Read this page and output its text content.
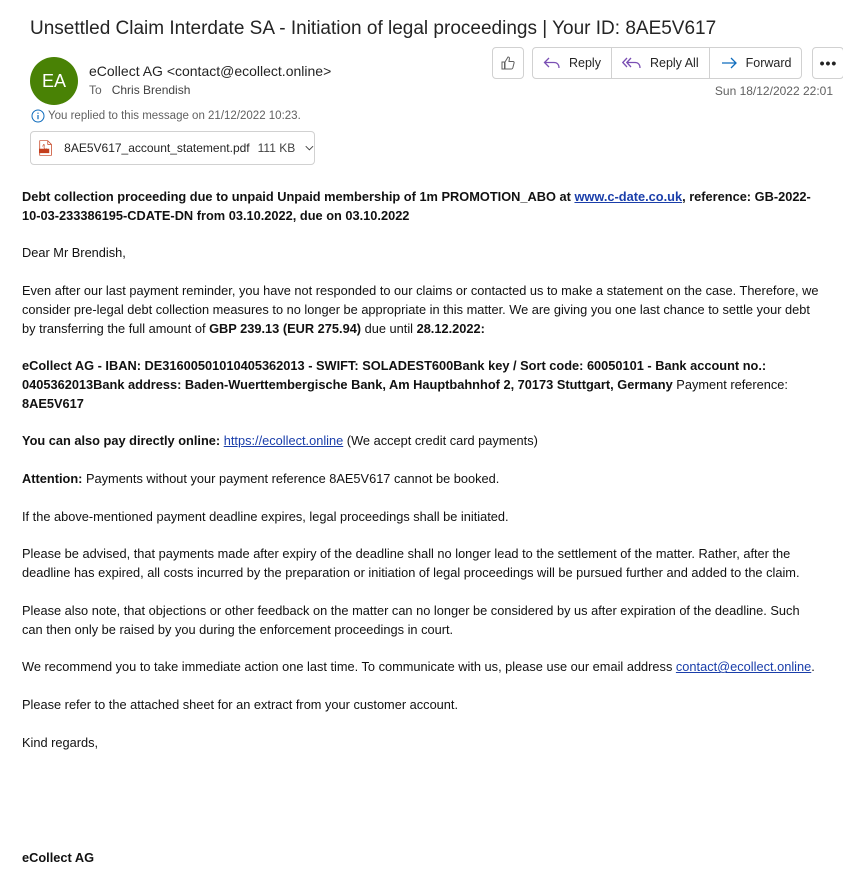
Unsettled Claim Interdate SA - Initiation of legal proceedings | Your ID: 8AE5V617
EA	eCollect AG <contact@ecollect.online>
To Chris Brendish
Reply	Reply All	Forward	•••
Sun 18/12/2022 22:01
You replied to this message on 21/12/2022 10:23.
8AE5V617_account_statement.pdf 111 KB

Debt collection proceeding due to unpaid Unpaid membership of 1m PROMOTION_ABO at www.c-date.co.uk, reference: GB-2022-10-03-233386195-CDATE-DN from 03.10.2022, due on 03.10.2022

Dear Mr Brendish,

Even after our last payment reminder, you have not responded to our claims or contacted us to make a statement on the case. Therefore, we consider pre-legal debt collection measures to no longer be appropriate in this matter. We are giving you one last chance to settle your debt by transferring the full amount of GBP 239.13 (EUR 275.94) due until 28.12.2022:

eCollect AG - IBAN: DE31600501010405362013 - SWIFT: SOLADEST600Bank key / Sort code: 60050101 - Bank account no.: 0405362013Bank address: Baden-Wuerttembergische Bank, Am Hauptbahnhof 2, 70173 Stuttgart, Germany Payment reference: 8AE5V617

You can also pay directly online: https://ecollect.online (We accept credit card payments)

Attention: Payments without your payment reference 8AE5V617 cannot be booked.

If the above-mentioned payment deadline expires, legal proceedings shall be initiated.

Please be advised, that payments made after expiry of the deadline shall no longer lead to the settlement of the matter. Rather, after the deadline has expired, all costs incurred by the preparation or initiation of legal proceedings will be pursued further and added to the claim.

Please also note, that objections or other feedback on the matter can no longer be considered by us after expiration of the deadline. Such can then only be raised by you during the enforcement proceedings in court.

We recommend you to take immediate action one last time. To communicate with us, please use our email address contact@ecollect.online.

Please refer to the attached sheet for an extract from your customer account.

Kind regards,

eCollect AG
